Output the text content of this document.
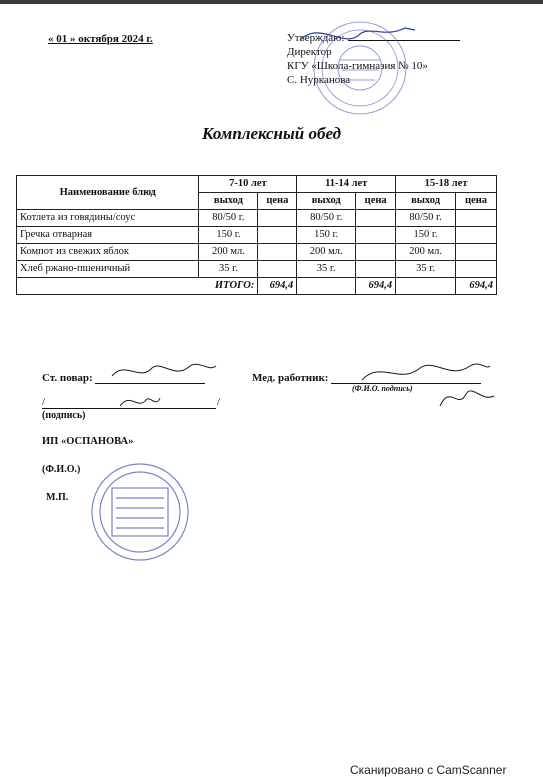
« 01 » октября 2024 г.	Утверждаю:
Директор
КГУ «Школа-гимназия № 10»
С. Нурканова
Комплексный обед
Наименование блюд	7-10 лет		11-14 лет		15-18 лет	
	выход	цена	выход	цена	выход	цена
Котлета из говядины/соус	80/50 г.		80/50 г.		80/50 г.	
Гречка отварная	150 г.		150 г.		150 г.	
Компот из свежих яблок	200 мл.		200 мл.		200 мл.	
Хлеб ржано-пшеничный	35 г.		35 г.		35 г.	
ИТОГО:		694,4		694,4		694,4
Ст. повар:
/	/
(подпись)
ИП «ОСПАНОВА»
(Ф.И.О.)
М.П.
Мед. работник:
(Ф.И.О. подпись)
Сканировано с CamScanner
